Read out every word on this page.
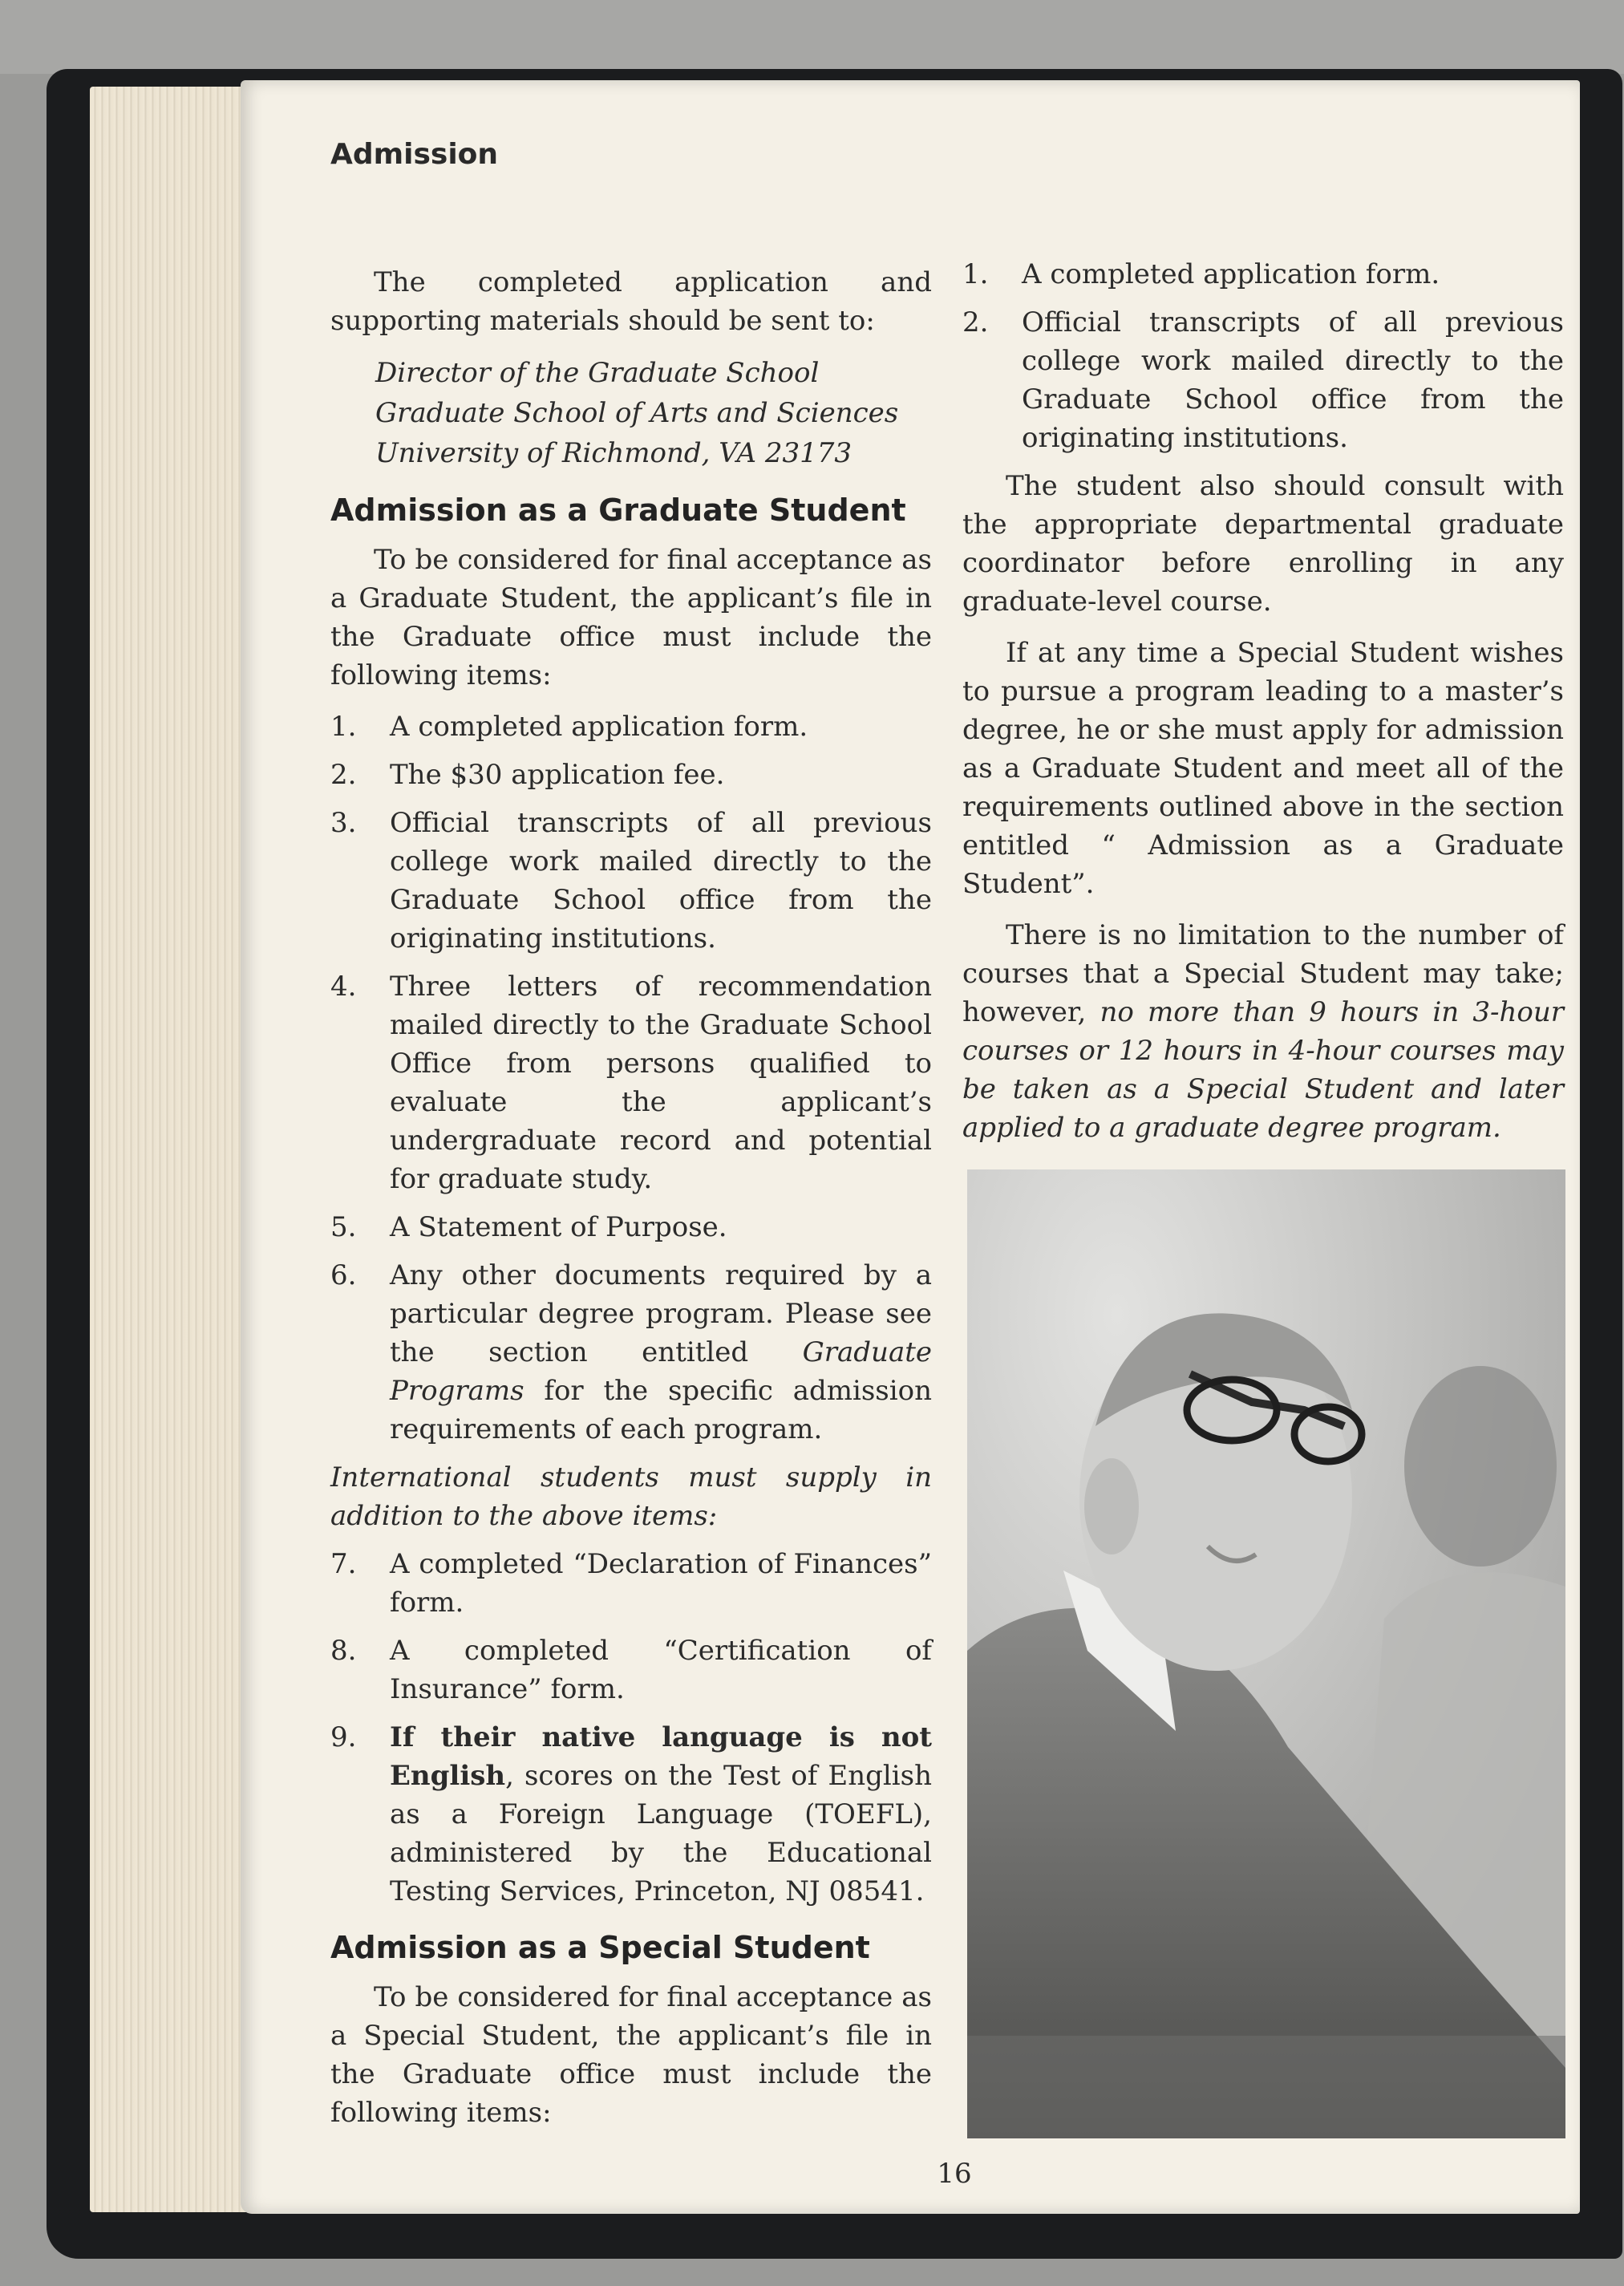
Admission

The completed application and supporting materials should be sent to:

Director of the Graduate School
Graduate School of Arts and Sciences
University of Richmond, VA 23173
Admission as a Graduate Student

To be considered for final acceptance as a Graduate Student, the applicant’s file in the Graduate office must include the following items:

1.	A completed application form.
2.	The $30 application fee.
3.	Official transcripts of all previous college work mailed directly to the Graduate School office from the originating institutions.
4.	Three letters of recommendation mailed directly to the Graduate School Office from persons qualified to evaluate the applicant’s undergraduate record and potential for graduate study.
5.	A Statement of Purpose.
6.	Any other documents required by a particular degree program. Please see the section entitled Graduate Programs for the specific admission requirements of each program.

International students must supply in addition to the above items:

7.	A completed “Declaration of Finances” form.
8.	A completed “Certification of Insurance” form.
9.	If their native language is not English, scores on the Test of English as a Foreign Language (TOEFL), administered by the Educational Testing Services, Princeton, NJ 08541.
Admission as a Special Student

To be considered for final acceptance as a Special Student, the applicant’s file in the Graduate office must include the following items:

1.	A completed application form.
2.	Official transcripts of all previous college work mailed directly to the Graduate School office from the originating institutions.

The student also should consult with the appropriate departmental graduate coordinator before enrolling in any graduate-level course.

If at any time a Special Student wishes to pursue a program leading to a master’s degree, he or she must apply for admission as a Graduate Student and meet all of the requirements outlined above in the section entitled “ Admission as a Graduate Student”.

There is no limitation to the number of courses that a Special Student may take; however, no more than 9 hours in 3-hour courses or 12 hours in 4-hour courses may be taken as a Special Student and later applied to a graduate degree program.

16
